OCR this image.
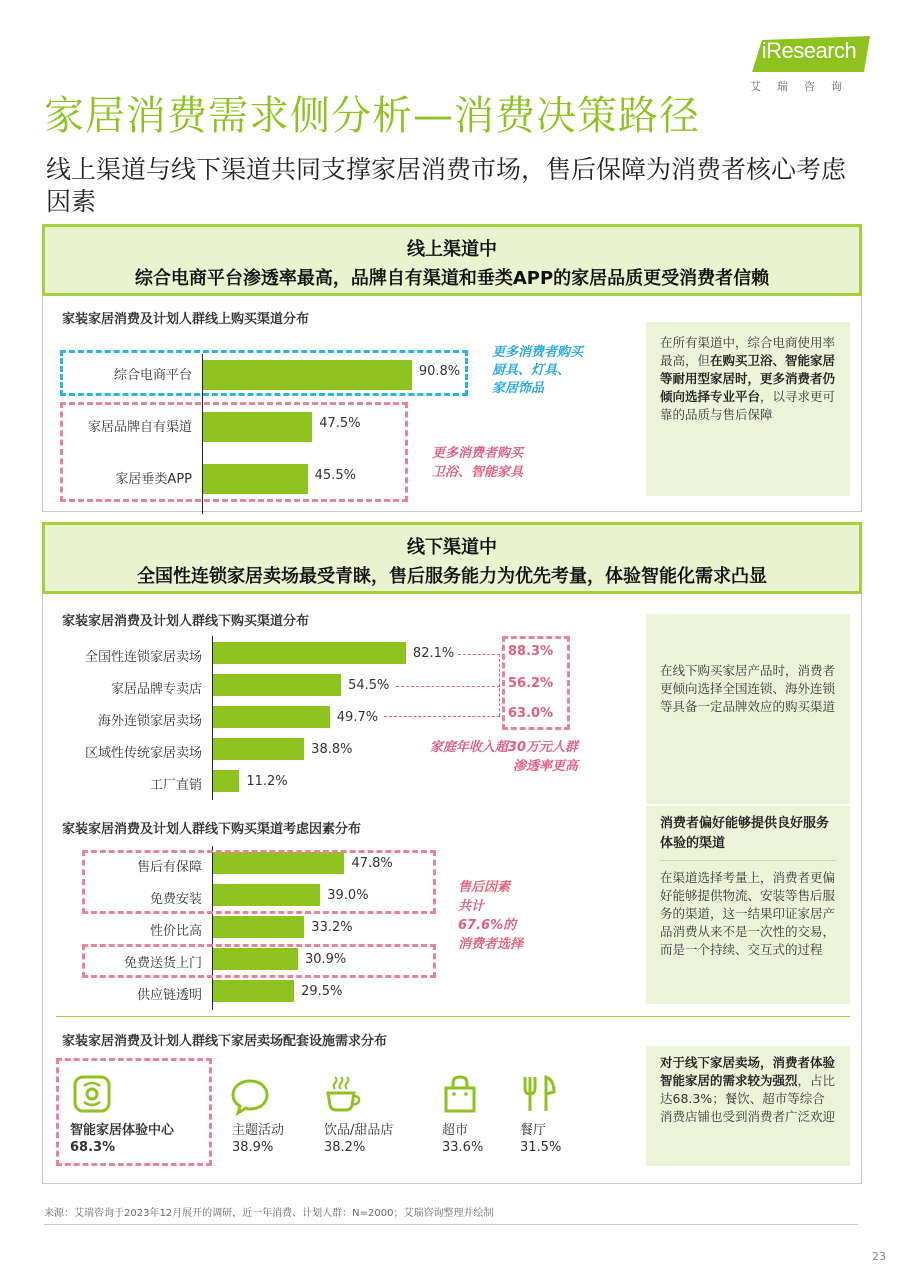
iResearch
艾瑞咨询
家居消费需求侧分析—消费决策路径
线上渠道与线下渠道共同支撑家居消费市场，售后保障为消费者核心考虑因素
线上渠道中
综合电商平台渗透率最高，品牌自有渠道和垂类APP的家居品质更受消费者信赖
家装家居消费及计划人群线上购买渠道分布
综合电商平台	90.8%
家居品牌自有渠道	47.5%
家居垂类APP	45.5%
更多消费者购买
厨具、灯具、
家居饰品
更多消费者购买
卫浴、智能家具
在所有渠道中，综合电商使用率最高，但在购买卫浴、智能家居等耐用型家居时，更多消费者仍倾向选择专业平台，以寻求更可靠的品质与售后保障
线下渠道中
全国性连锁家居卖场最受青睐，售后服务能力为优先考量，体验智能化需求凸显
家装家居消费及计划人群线下购买渠道分布
全国性连锁家居卖场	82.1%
家居品牌专卖店	54.5%
海外连锁家居卖场	49.7%
区域性传统家居卖场	38.8%
工厂直销	11.2%
88.3%
56.2%
63.0%
家庭年收入超30万元人群
渗透率更高
在线下购买家居产品时，消费者更倾向选择全国连锁、海外连锁等具备一定品牌效应的购买渠道
家装家居消费及计划人群线下购买渠道考虑因素分布
售后有保障	47.8%
免费安装	39.0%
性价比高	33.2%
免费送货上门	30.9%
供应链透明	29.5%
售后因素
共计
67.6%的
消费者选择
消费者偏好能够提供良好服务体验的渠道
在渠道选择考量上，消费者更偏好能够提供物流、安装等售后服务的渠道，这一结果印证家居产品消费从来不是一次性的交易，而是一个持续、交互式的过程
家装家居消费及计划人群线下家居卖场配套设施需求分布
智能家居体验中心
68.3%
主题活动
38.9%
饮品/甜品店
38.2%
超市
33.6%
餐厅
31.5%
对于线下家居卖场，消费者体验智能家居的需求较为强烈，占比达68.3%；餐饮、超市等综合消费店铺也受到消费者广泛欢迎
来源：艾瑞咨询于2023年12月展开的调研，近一年消费、计划人群：N=2000；艾瑞咨询整理并绘制
23
